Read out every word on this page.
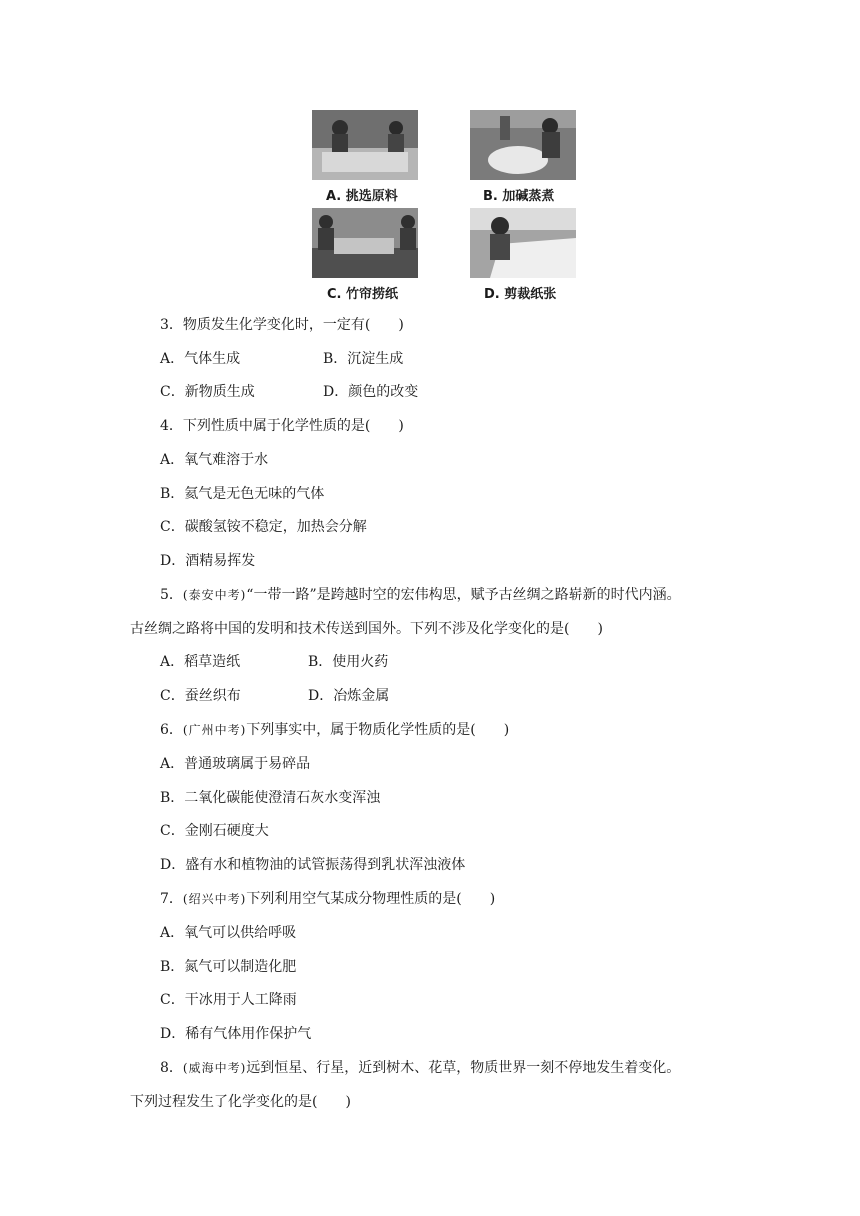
A. 挑选原料	B. 加碱蒸煮
C. 竹帘捞纸	D. 剪裁纸张
3．物质发生化学变化时，一定有(　　)
A．气体生成	B．沉淀生成
C．新物质生成	D．颜色的改变
4．下列性质中属于化学性质的是(　　)
A．氧气难溶于水
B．氦气是无色无味的气体
C．碳酸氢铵不稳定，加热会分解
D．酒精易挥发
5．(泰安中考)“一带一路”是跨越时空的宏伟构思，赋予古丝绸之路崭新的时代内涵。
古丝绸之路将中国的发明和技术传送到国外。下列不涉及化学变化的是(　　)
A．稻草造纸	B．使用火药
C．蚕丝织布	D．冶炼金属
6．(广州中考)下列事实中，属于物质化学性质的是(　　)
A．普通玻璃属于易碎品
B．二氧化碳能使澄清石灰水变浑浊
C．金刚石硬度大
D．盛有水和植物油的试管振荡得到乳状浑浊液体
7．(绍兴中考)下列利用空气某成分物理性质的是(　　)
A．氧气可以供给呼吸
B．氮气可以制造化肥
C．干冰用于人工降雨
D．稀有气体用作保护气
8．(威海中考)远到恒星、行星，近到树木、花草，物质世界一刻不停地发生着变化。
下列过程发生了化学变化的是(　　)
